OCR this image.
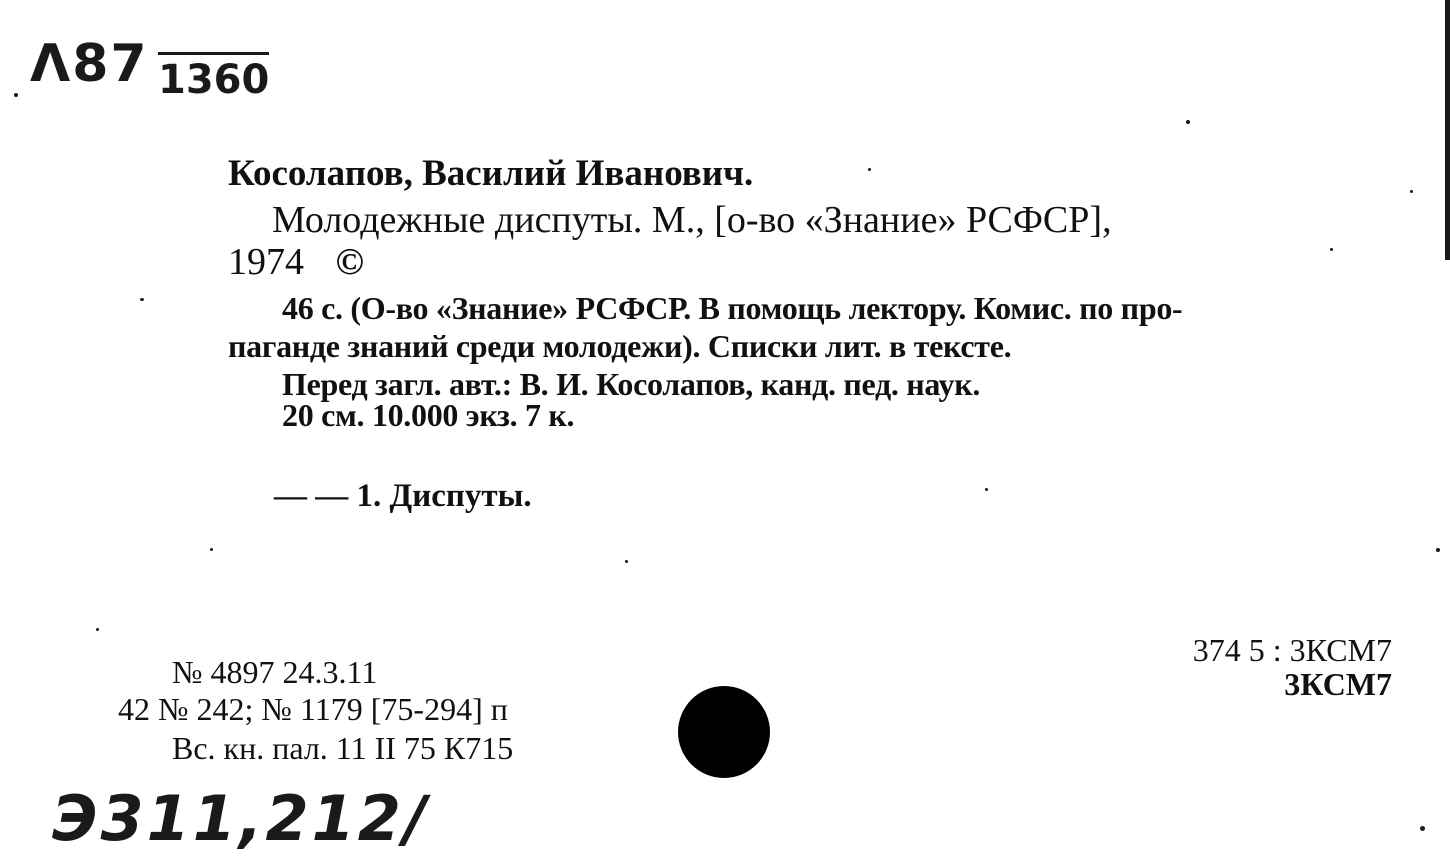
Λ87 1360
Косолапов, Василий Иванович.
Молодежные диспуты. М., [о-во «Знание» РСФСР],
1974 ©
46 с. (О-во «Знание» РСФСР. В помощь лектору. Комис. по про-
паганде знаний среди молодежи). Списки лит. в тексте.
Перед загл. авт.: В. И. Косолапов, канд. пед. наук.
20 см. 10.000 экз. 7 к.
— — 1. Диспуты.
№ 4897 24.3.11
42 № 242; № 1179 [75-294] п
Вс. кн. пал. 11 II 75 К715
374 5 : 3КСМ7
3КСМ7
Э311,212/
